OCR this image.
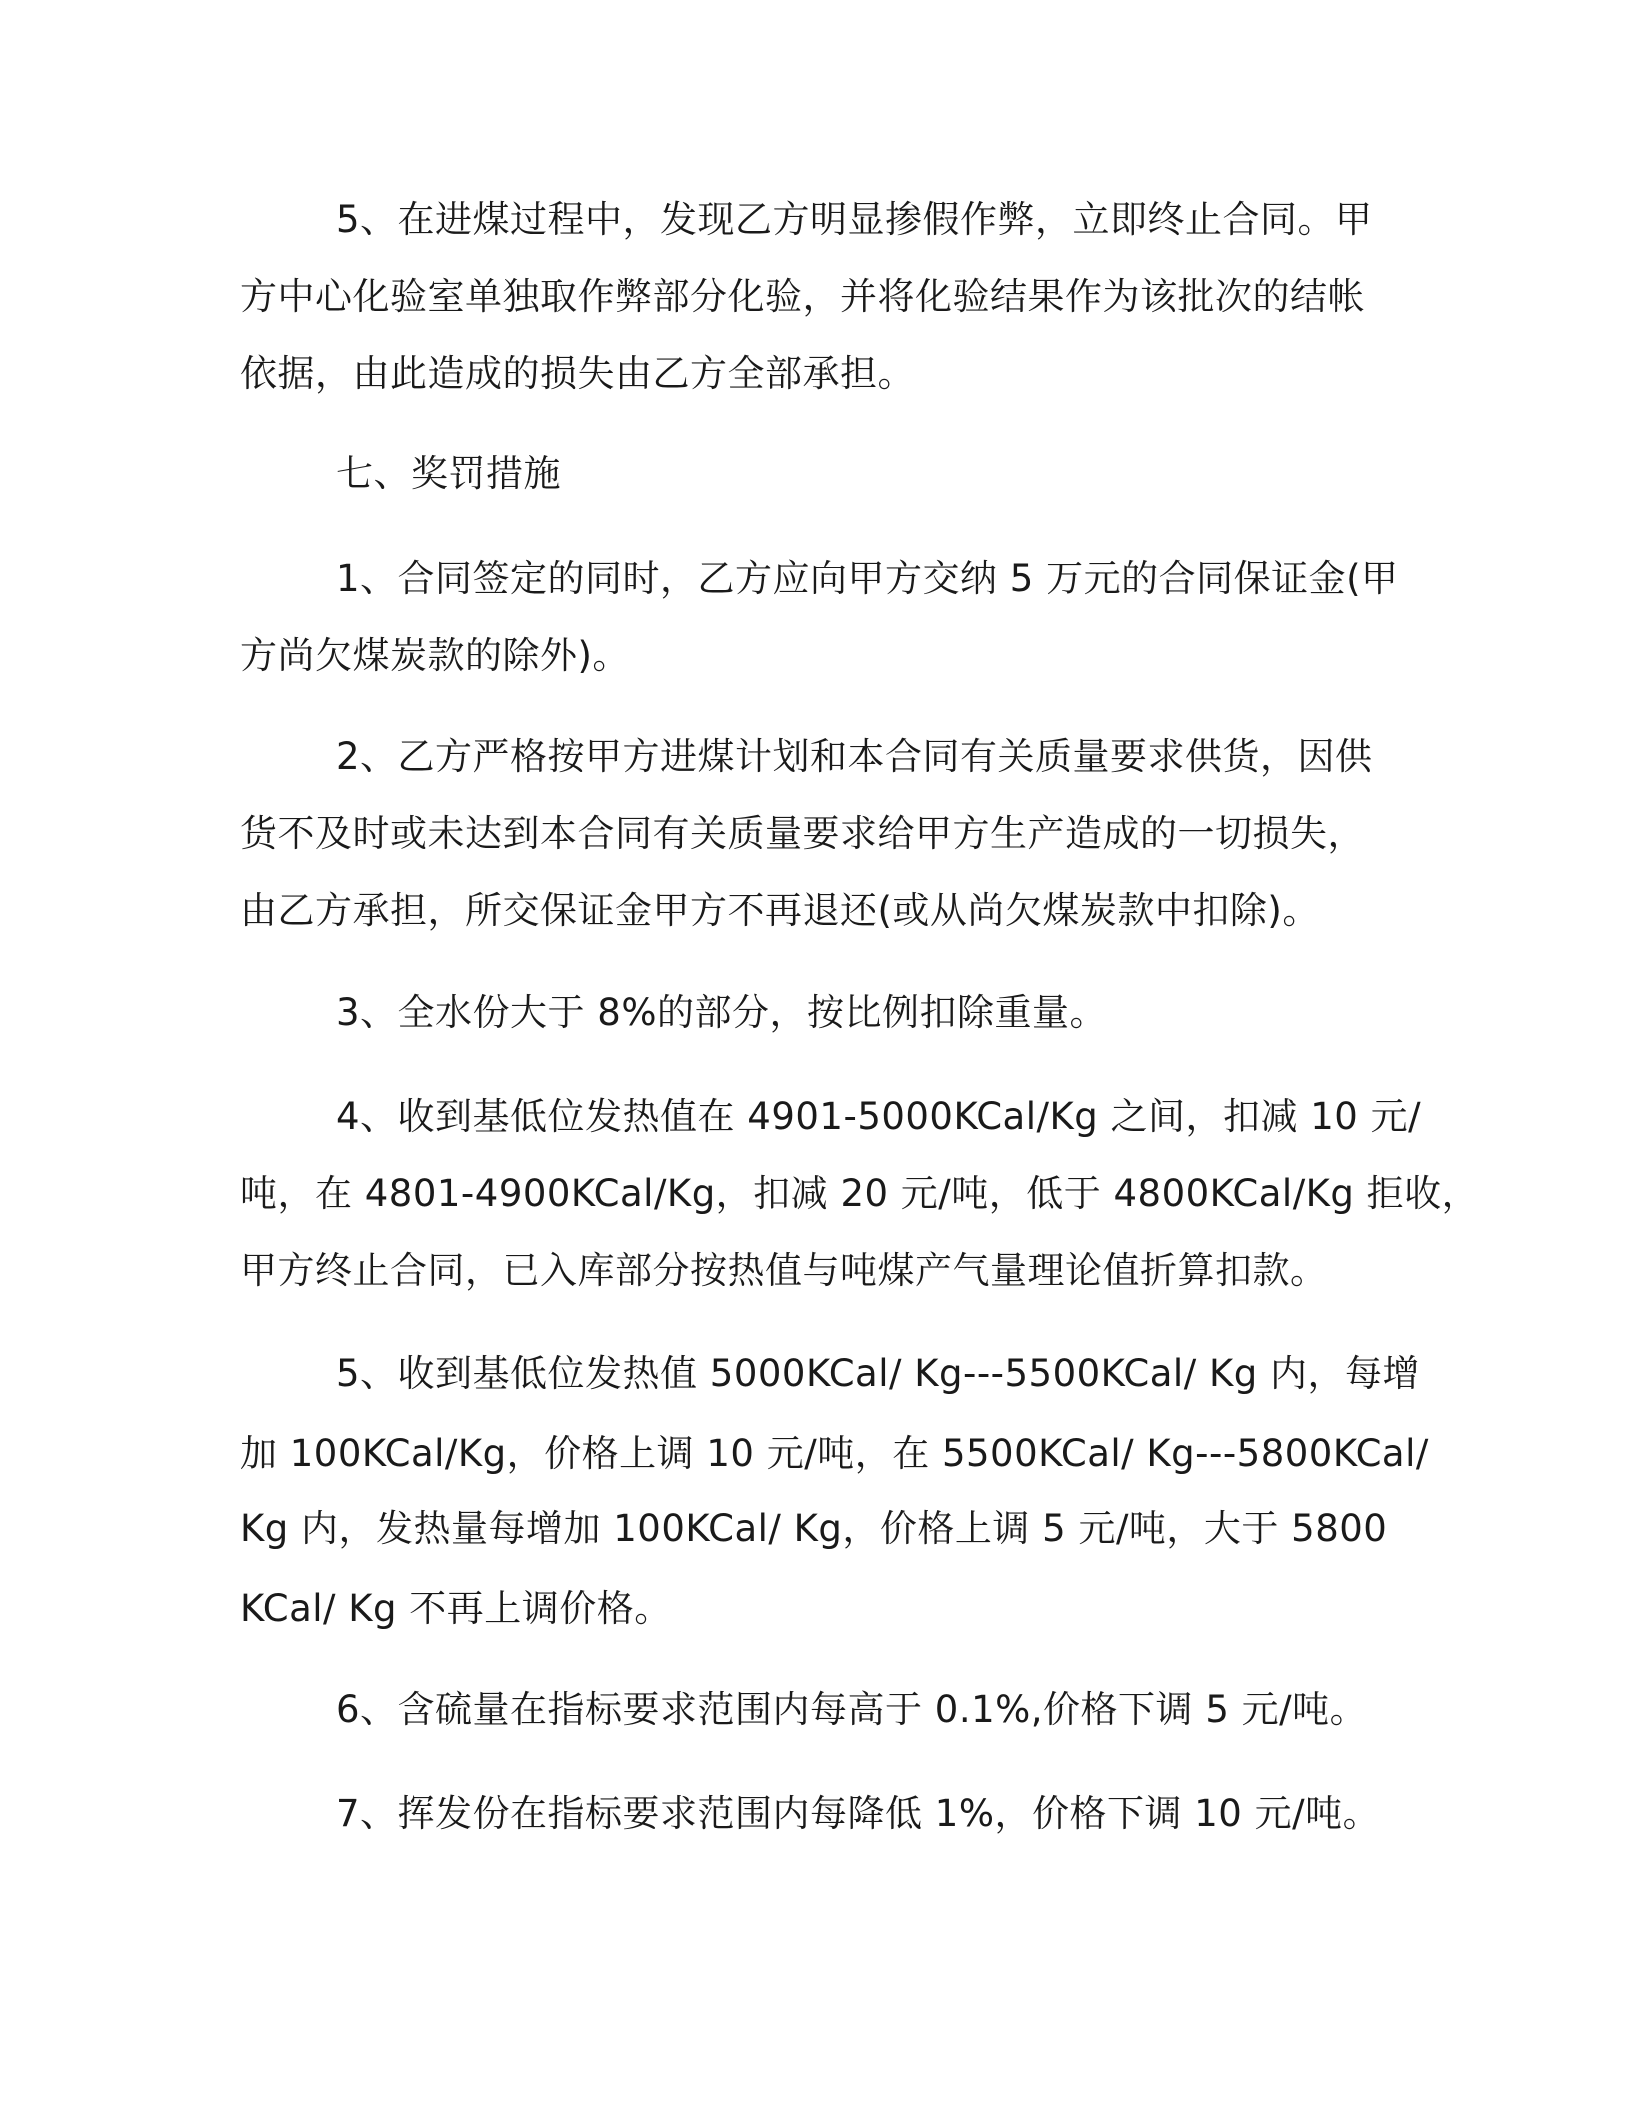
5、在进煤过程中，发现乙方明显掺假作弊，立即终止合同。甲
方中心化验室单独取作弊部分化验，并将化验结果作为该批次的结帐
依据，由此造成的损失由乙方全部承担。
七、奖罚措施
1、合同签定的同时，乙方应向甲方交纳 5 万元的合同保证金(甲
方尚欠煤炭款的除外)。
2、乙方严格按甲方进煤计划和本合同有关质量要求供货，因供
货不及时或未达到本合同有关质量要求给甲方生产造成的一切损失，
由乙方承担，所交保证金甲方不再退还(或从尚欠煤炭款中扣除)。
3、全水份大于 8%的部分，按比例扣除重量。
4、收到基低位发热值在 4901-5000KCal/Kg 之间，扣减 10 元/
吨，在 4801-4900KCal/Kg，扣减 20 元/吨，低于 4800KCal/Kg 拒收，
甲方终止合同，已入库部分按热值与吨煤产气量理论值折算扣款。
5、收到基低位发热值 5000KCal/ Kg---5500KCal/ Kg 内，每增
加 100KCal/Kg，价格上调 10 元/吨，在 5500KCal/ Kg---5800KCal/
Kg 内，发热量每增加 100KCal/ Kg，价格上调 5 元/吨，大于 5800
KCal/ Kg 不再上调价格。
6、含硫量在指标要求范围内每高于 0.1%,价格下调 5 元/吨。
7、挥发份在指标要求范围内每降低 1%，价格下调 10 元/吨。
